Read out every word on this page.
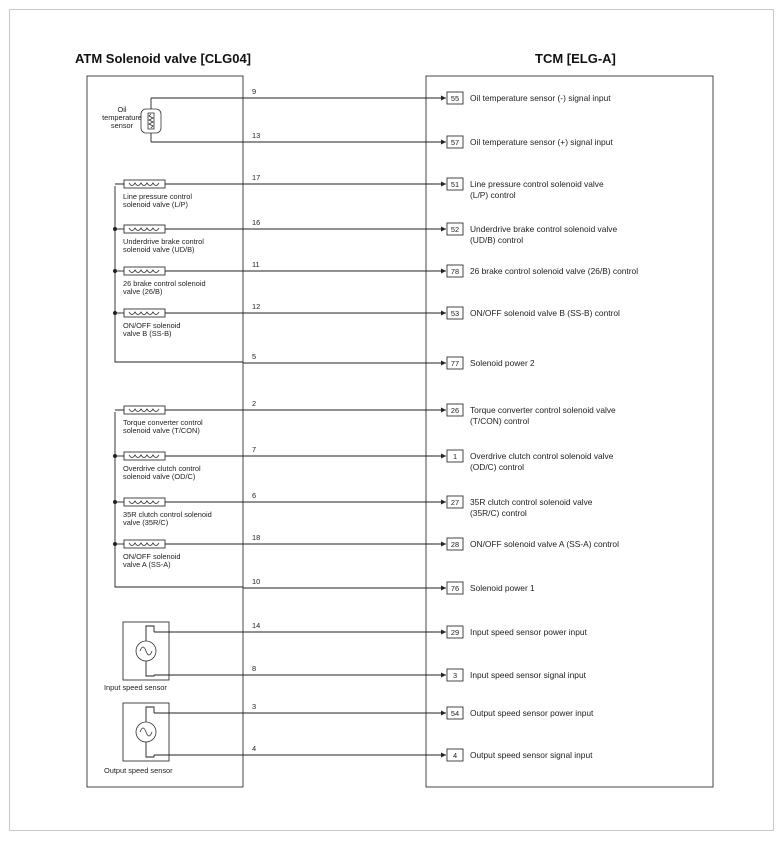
ATM Solenoid valve [CLG04]	TCM [ELG-A]
Oil
temperature
sensor
Line pressure control
solenoid valve (L/P)
Underdrive brake control
solenoid valve (UD/B)
26 brake control solenoid
valve (26/B)
ON/OFF solenoid
valve B (SS-B)
Torque converter control
solenoid valve (T/CON)
Overdrive clutch control
solenoid valve (OD/C)
35R clutch control solenoid
valve (35R/C)
ON/OFF solenoid
valve A (SS-A)
Input speed sensor
Output speed sensor
9
55 Oil temperature sensor (-) signal input
13
57 Oil temperature sensor (+) signal input
17
51 Line pressure control solenoid valve
(L/P) control
16
52 Underdrive brake control solenoid valve
(UD/B) control
11
78 26 brake control solenoid valve (26/B) control
12
53 ON/OFF solenoid valve B (SS-B) control
5
77 Solenoid power 2
2
26 Torque converter control solenoid valve
(T/CON) control
7
1 Overdrive clutch control solenoid valve
(OD/C) control
6
27 35R clutch control solenoid valve
(35R/C) control
18
28 ON/OFF solenoid valve A (SS-A) control
10
76 Solenoid power 1
14
29 Input speed sensor power input
8
3 Input speed sensor signal input
3
54 Output speed sensor power input
4
4 Output speed sensor signal input
